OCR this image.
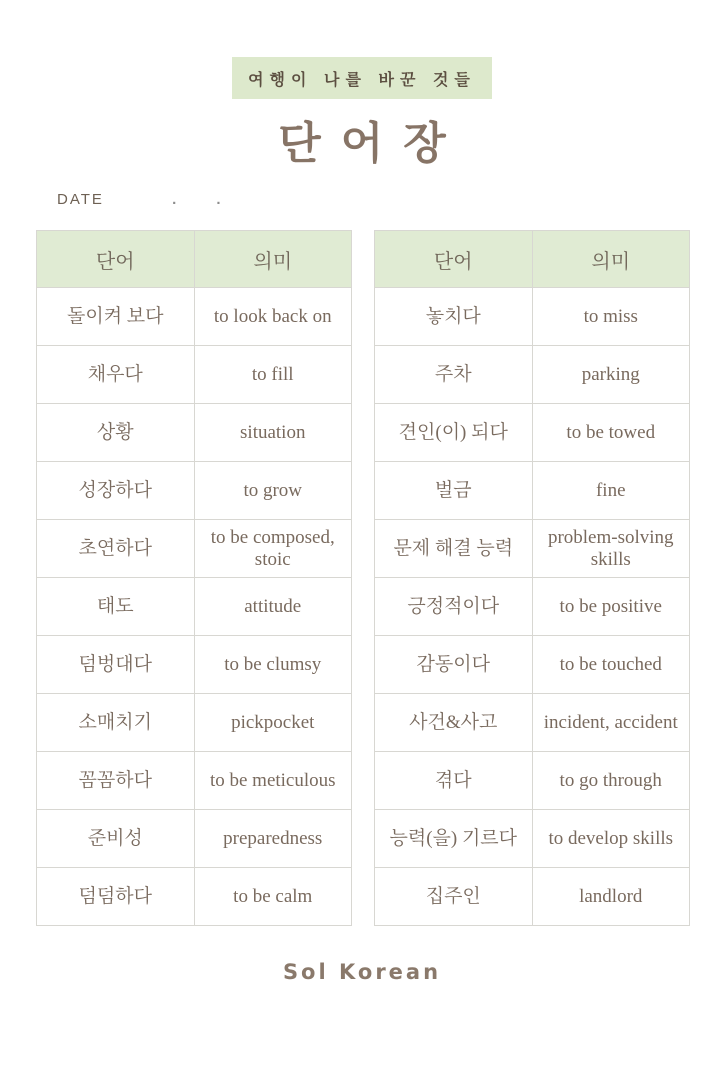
여행이 나를 바꾼 것들
단어장
DATE	.	.
단어	의미
돌이켜 보다	to look back on
채우다	to fill
상황	situation
성장하다	to grow
초연하다	to be composed, stoic
태도	attitude
덤벙대다	to be clumsy
소매치기	pickpocket
꼼꼼하다	to be meticulous
준비성	preparedness
덤덤하다	to be calm
단어	의미
놓치다	to miss
주차	parking
견인(이) 되다	to be towed
벌금	fine
문제 해결 능력	problem-solving skills
긍정적이다	to be positive
감동이다	to be touched
사건&사고	incident, accident
겪다	to go through
능력(을) 기르다	to develop skills
집주인	landlord
Sol Korean
